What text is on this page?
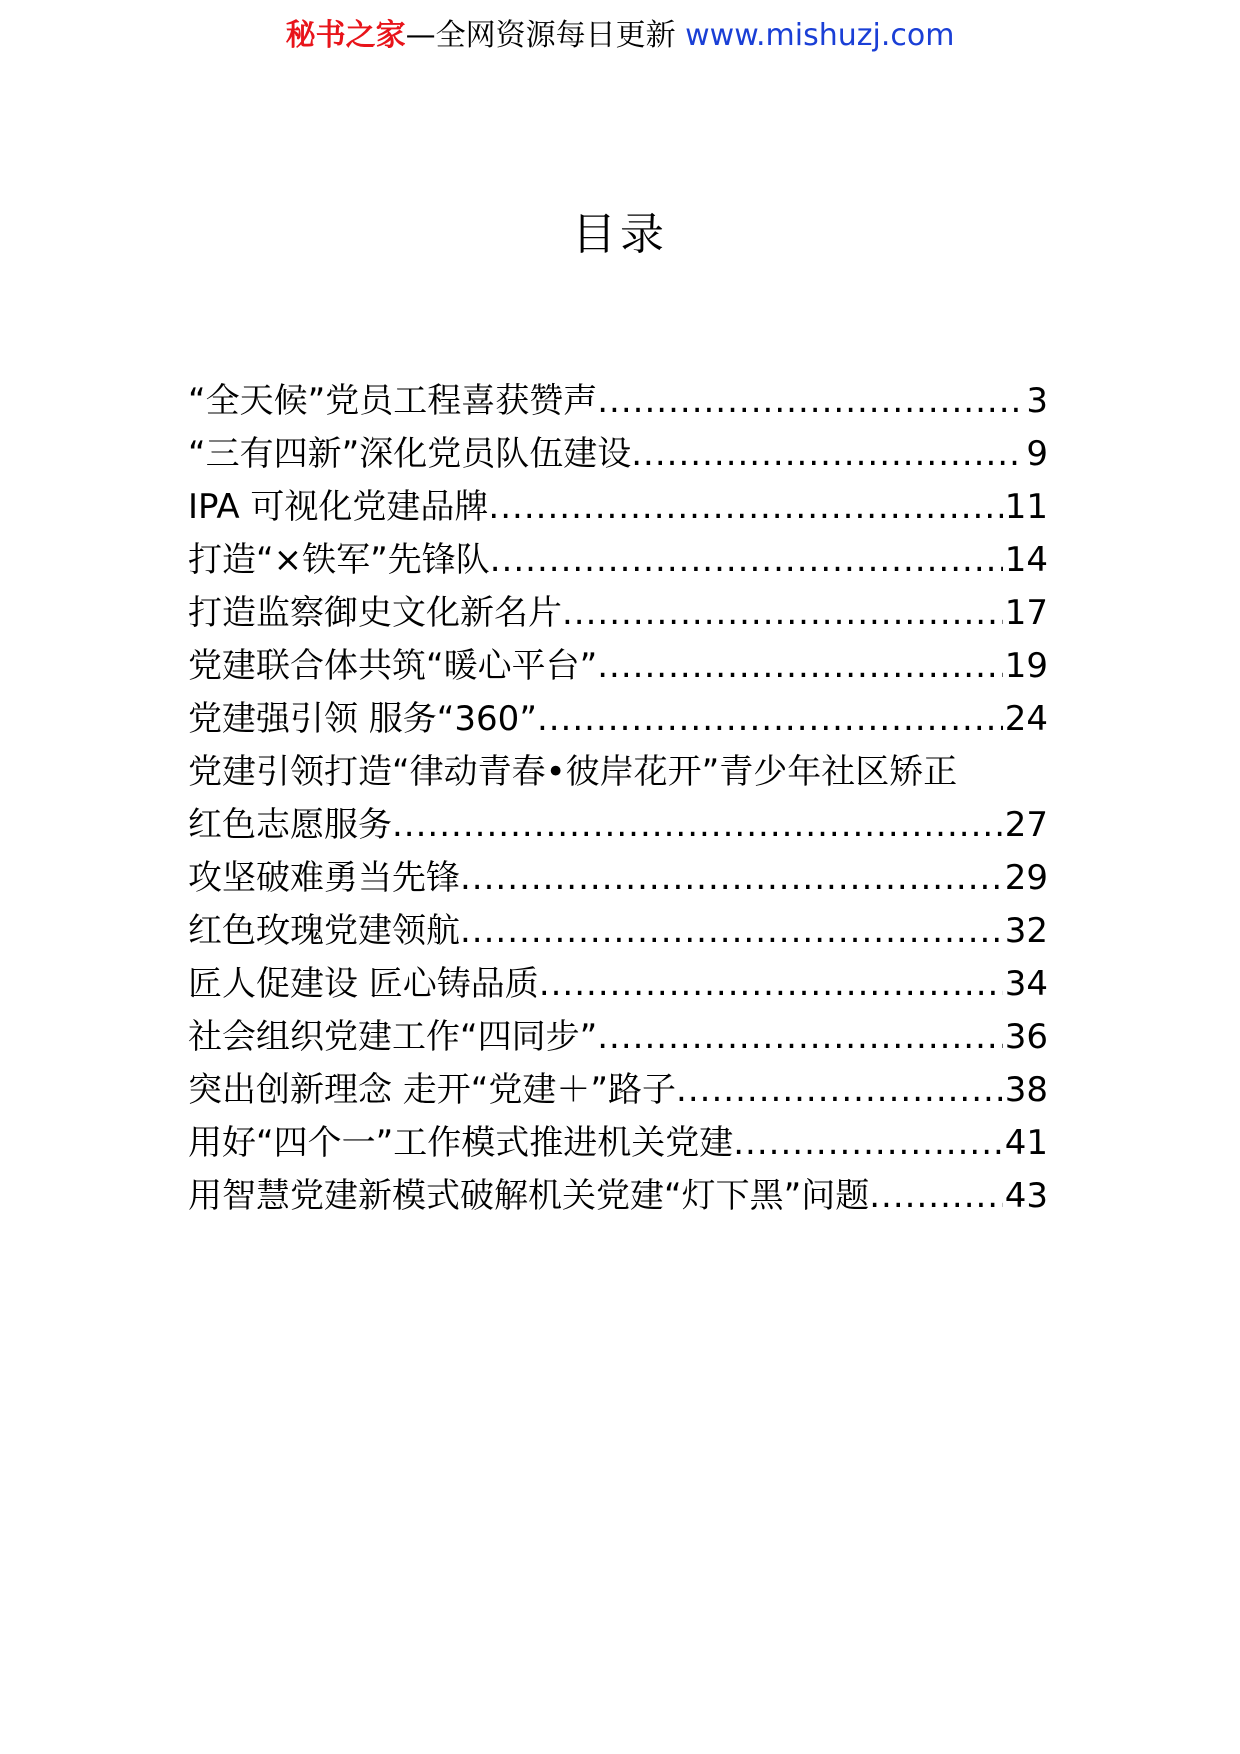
秘书之家—全网资源每日更新 www.mishuzj.com
目录
“全天候”党员工程喜获赞声 .....	3
“三有四新”深化党员队伍建设 .....	9
IPA 可视化党建品牌 .....	11
打造“×铁军”先锋队 .....	14
打造监察御史文化新名片 .....	17
党建联合体共筑“暖心平台” .....	19
党建强引领 服务“360” .....	24
党建引领打造“律动青春•彼岸花开”青少年社区矫正
红色志愿服务 .....	27
攻坚破难勇当先锋 .....	29
红色玫瑰党建领航 .....	32
匠人促建设 匠心铸品质 .....	34
社会组织党建工作“四同步” .....	36
突出创新理念 走开“党建＋”路子 .....	38
用好“四个一”工作模式推进机关党建 .....	41
用智慧党建新模式破解机关党建“灯下黑”问题 .....	43
